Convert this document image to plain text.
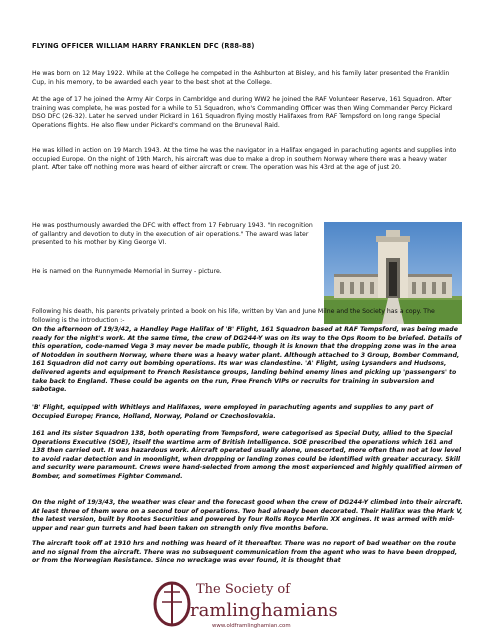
FLYING OFFICER WILLIAM HARRY FRANKLEN DFC (R88-88)

He was born on 12 May 1922. While at the College he competed in the Ashburton at Bisley, and his family later presented the Franklin Cup, in his memory, to be awarded each year to the best shot at the College.

At the age of 17 he joined the Army Air Corps in Cambridge and during WW2 he joined the RAF Volunteer Reserve, 161 Squadron. After training was complete, he was posted for a while to 51 Squadron, who's Commanding Officer was then Wing Commander Percy Pickard DSO DFC (26-32). Later he served under Pickard in 161 Squadron flying mostly Halifaxes from RAF Tempsford on long range Special Operations flights. He also flew under Pickard's command on the Bruneval Raid.

He was killed in action on 19 March 1943. At the time he was the navigator in a Halifax engaged in parachuting agents and supplies into occupied Europe. On the night of 19th March, his aircraft was due to make a drop in southern Norway where there was a heavy water plant. After take off nothing more was heard of either aircraft or crew. The operation was his 43rd at the age of just 20.

He was posthumously awarded the DFC with effect from 17 February 1943. "In recognition of gallantry and devotion to duty in the execution of air operations." The award was later presented to his mother by King George VI.

He is named on the Runnymede Memorial in Surrey - picture.

Following his death, his parents privately printed a book on his life, written by Van and June Milne and the Society has a copy. The following is the introduction :-

On the afternoon of 19/3/42, a Handley Page Halifax of 'B' Flight, 161 Squadron based at RAF Tempsford, was being made ready for the night's work. At the same time, the crew of DG244-Y was on its way to the Ops Room to be briefed. Details of this operation, code-named Vega 3 may never be made public, though it is known that the dropping zone was in the area of Notodden in southern Norway, where there was a heavy water plant. Although attached to 3 Group, Bomber Command, 161 Squadron did not carry out bombing operations. Its war was clandestine. 'A' Flight, using Lysanders and Hudsons, delivered agents and equipment to French Resistance groups, landing behind enemy lines and picking up 'passengers' to take back to England. These could be agents on the run, Free French VIPs or recruits for training in subversion and sabotage.

'B' Flight, equipped with Whitleys and Halifaxes, were employed in parachuting agents and supplies to any part of Occupied Europe; France, Holland, Norway, Poland or Czechoslovakia.

161 and its sister Squadron 138, both operating from Tempsford, were categorised as Special Duty, allied to the Special Operations Executive (SOE), itself the wartime arm of British Intelligence. SOE prescribed the operations which 161 and 138 then carried out. It was hazardous work. Aircraft operated usually alone, unescorted, more often than not at low level to avoid radar detection and in moonlight, when dropping or landing zones could be identified with greater accuracy. Skill and security were paramount. Crews were hand-selected from among the most experienced and highly qualified airmen of Bomber, and sometimes Fighter Command.

On the night of 19/3/43, the weather was clear and the forecast good when the crew of DG244-Y climbed into their aircraft. At least three of them were on a second tour of operations. Two had already been decorated. Their Halifax was the Mark V, the latest version, built by Rootes Securities and powered by four Rolls Royce Merlin XX engines. It was armed with mid-upper and rear gun turrets and had been taken on strength only five months before.

The aircraft took off at 1910 hrs and nothing was heard of it thereafter. There was no report of bad weather on the route and no signal from the aircraft. There was no subsequent communication from the agent who was to have been dropped, or from the Norwegian Resistance. Since no wreckage was ever found, it is thought that

The Society of
ramlinghamians
www.oldframlinghamian.com
